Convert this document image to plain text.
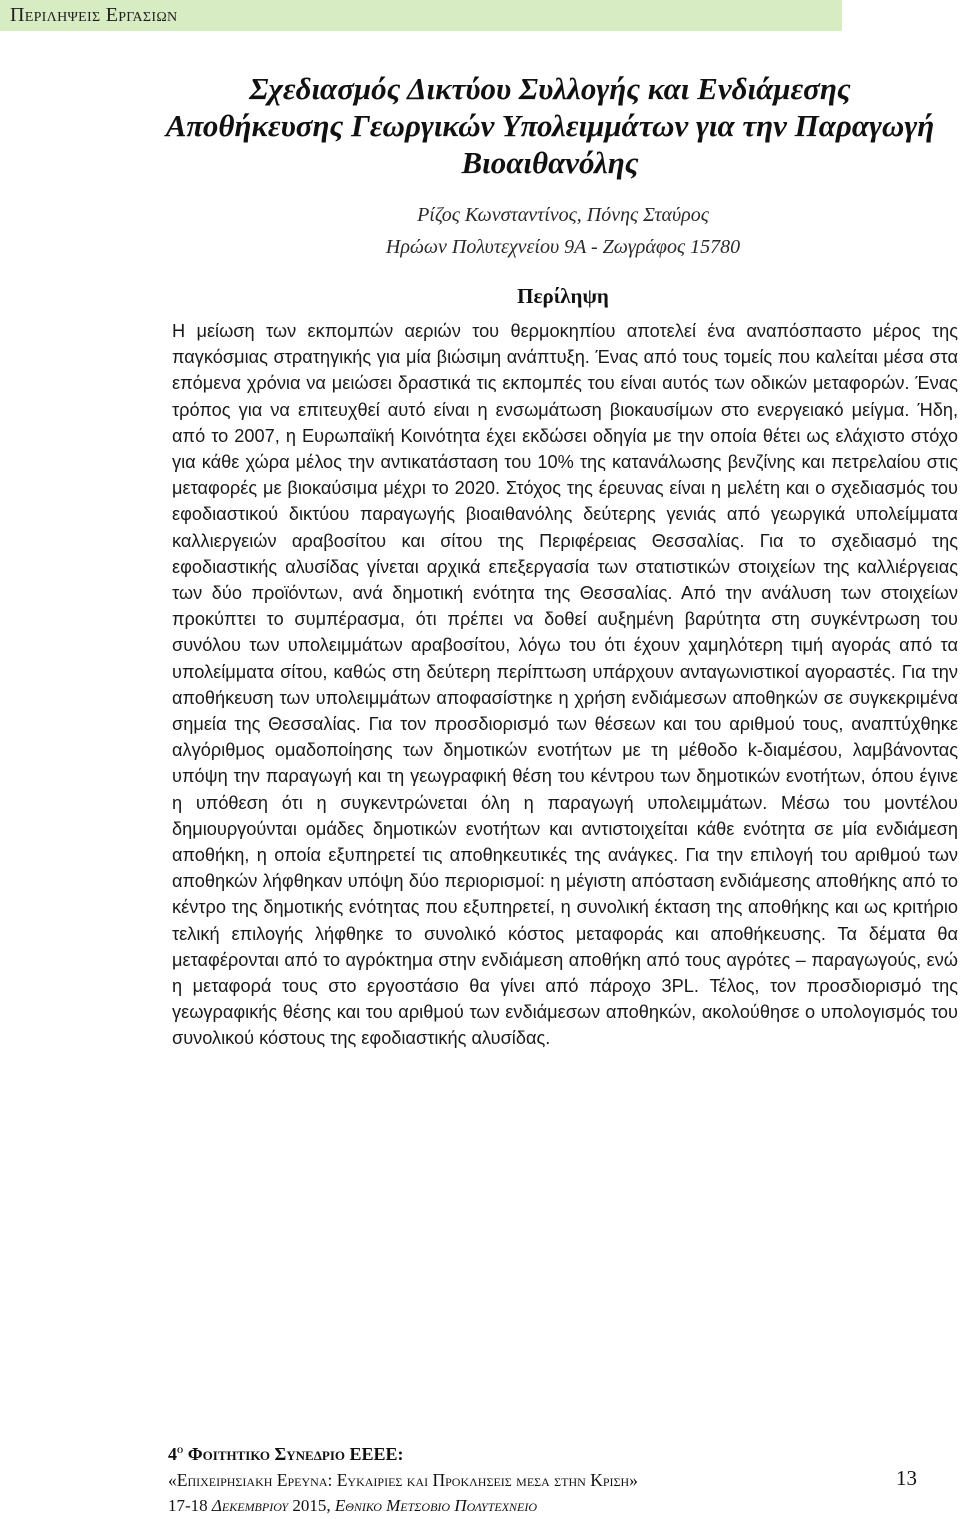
Περιληψεις Εργασιων
Σχεδιασμός Δικτύου Συλλογής και Ενδιάμεσης
Αποθήκευσης Γεωργικών Υπολειμμάτων για την Παραγωγή
Βιοαιθανόλης
Ρίζος Κωνσταντίνος, Πόνης Σταύρος
Ηρώων Πολυτεχνείου 9Α - Ζωγράφος 15780
Περίληψη

Η μείωση των εκπομπών αεριών του θερμοκηπίου αποτελεί ένα αναπόσπαστο μέρος της παγκόσμιας στρατηγικής για μία βιώσιμη ανάπτυξη. Ένας από τους τομείς που καλείται μέσα στα επόμενα χρόνια να μειώσει δραστικά τις εκπομπές του είναι αυτός των οδικών μεταφορών. Ένας τρόπος για να επιτευχθεί αυτό είναι η ενσωμάτωση βιοκαυσίμων στο ενεργειακό μείγμα. Ήδη, από το 2007, η Ευρωπαϊκή Κοινότητα έχει εκδώσει οδηγία με την οποία θέτει ως ελάχιστο στόχο για κάθε χώρα μέλος την αντικατάσταση του 10% της κατανάλωσης βενζίνης και πετρελαίου στις μεταφορές με βιοκαύσιμα μέχρι το 2020. Στόχος της έρευνας είναι η μελέτη και ο σχεδιασμός του εφοδιαστικού δικτύου παραγωγής βιοαιθανόλης δεύτερης γενιάς από γεωργικά υπολείμματα καλλιεργειών αραβοσίτου και σίτου της Περιφέρειας Θεσσαλίας. Για το σχεδιασμό της εφοδιαστικής αλυσίδας γίνεται αρχικά επεξεργασία των στατιστικών στοιχείων της καλλιέργειας των δύο προϊόντων, ανά δημοτική ενότητα της Θεσσαλίας. Από την ανάλυση των στοιχείων προκύπτει το συμπέρασμα, ότι πρέπει να δοθεί αυξημένη βαρύτητα στη συγκέντρωση του συνόλου των υπολειμμάτων αραβοσίτου, λόγω του ότι έχουν χαμηλότερη τιμή αγοράς από τα υπολείμματα σίτου, καθώς στη δεύτερη περίπτωση υπάρχουν ανταγωνιστικοί αγοραστές. Για την αποθήκευση των υπολειμμάτων αποφασίστηκε η χρήση ενδιάμεσων αποθηκών σε συγκεκριμένα σημεία της Θεσσαλίας. Για τον προσδιορισμό των θέσεων και του αριθμού τους, αναπτύχθηκε αλγόριθμος ομαδοποίησης των δημοτικών ενοτήτων με τη μέθοδο k-διαμέσου, λαμβάνοντας υπόψη την παραγωγή και τη γεωγραφική θέση του κέντρου των δημοτικών ενοτήτων, όπου έγινε η υπόθεση ότι η συγκεντρώνεται όλη η παραγωγή υπολειμμάτων. Μέσω του μοντέλου δημιουργούνται ομάδες δημοτικών ενοτήτων και αντιστοιχείται κάθε ενότητα σε μία ενδιάμεση αποθήκη, η οποία εξυπηρετεί τις αποθηκευτικές της ανάγκες. Για την επιλογή του αριθμού των αποθηκών λήφθηκαν υπόψη δύο περιορισμοί: η μέγιστη απόσταση ενδιάμεσης αποθήκης από το κέντρο της δημοτικής ενότητας που εξυπηρετεί, η συνολική έκταση της αποθήκης και ως κριτήριο τελική επιλογής λήφθηκε το συνολικό κόστος μεταφοράς και αποθήκευσης. Τα δέματα θα μεταφέρονται από το αγρόκτημα στην ενδιάμεση αποθήκη από τους αγρότες – παραγωγούς, ενώ η μεταφορά τους στο εργοστάσιο θα γίνει από πάροχο 3PL. Τέλος, τον προσδιορισμό της γεωγραφικής θέσης και του αριθμού των ενδιάμεσων αποθηκών, ακολούθησε ο υπολογισμός του συνολικού κόστους της εφοδιαστικής αλυσίδας.

$4^o$ Φοιτητικο Συνεδριο ΕΕΕΕ:
«Επιχειρησιακη Ερευνα: Ευκαιριες και Προκλησεις μεσα στην Κριση»
17-18 Δεκεμβριου 2015, Εθνικο Μετσοβιο Πολυτεχνειο
13
